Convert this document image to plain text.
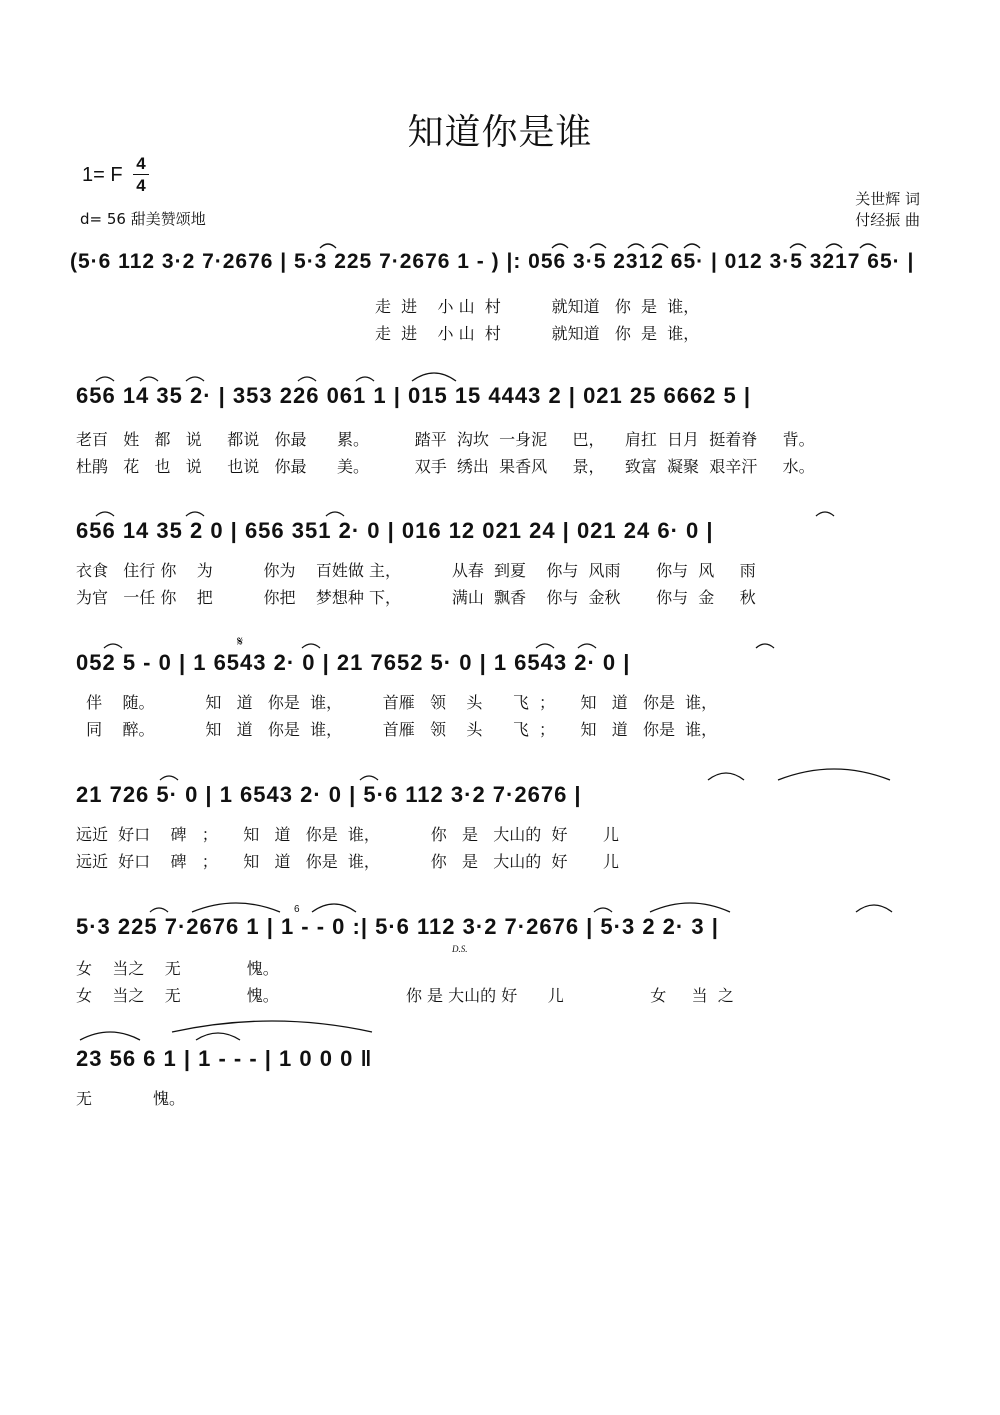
知道你是谁
1= F
4
4
d= 56 甜美赞颂地
关世辉 词
付经振 曲
(5·6 112 3·2 7·2676 | 5·3 225 7·2676 1 - ) |: 056 3·5 2312 65· | 012 3·5 3217 65· |
走  进    小 山  村          就知道   你  是  谁，
走  进    小 山  村          就知道   你  是  谁，
656 14 35 2· | 353 226 061 1 | 015 15 4443 2 | 021 25 6662 5 |
老百   姓   都   说     都说   你最      累。         踏平  沟坎  一身泥     巴，    肩扛  日月  挺着脊     背。
杜鹃   花   也   说     也说   你最      美。         双手  绣出  果香风     景，    致富  凝聚  艰辛汗     水。
656 14 35 2 0 | 656 351 2· 0 | 016 12 021 24 | 021 24 6· 0 |
衣食   住行 你    为          你为    百姓做 主，          从春  到夏    你与  风雨       你与  风     雨
为官   一任 你    把          你把    梦想种 下，          满山  飘香    你与  金秋       你与  金     秋
𝄋
052 5 - 0 | 1 6543 2· 0 | 21 7652 5· 0 | 1 6543 2· 0 |
伴    随。          知   道   你是  谁，        首雁   领    头      飞  ；     知   道   你是  谁，
同    醉。          知   道   你是  谁，        首雁   领    头      飞  ；     知   道   你是  谁，
21 726 5· 0 | 1 6543 2· 0 | 5·6 112 3·2 7·2676 |
远近  好口    碑   ；     知   道   你是  谁，          你   是   大山的  好       儿
远近  好口    碑   ；     知   道   你是  谁，          你   是   大山的  好       儿
6
5·3 225 7·2676 1 | 1 - - 0 :| 5·6 112 3·2 7·2676 | 5·3 2 2· 3 |
D.S.
女    当之    无             愧。
女    当之    无             愧。                         你 是 大山的 好      儿                 女     当  之
23 56 6 1 | 1 - - - | 1 0 0 0 ‖
无            愧。
